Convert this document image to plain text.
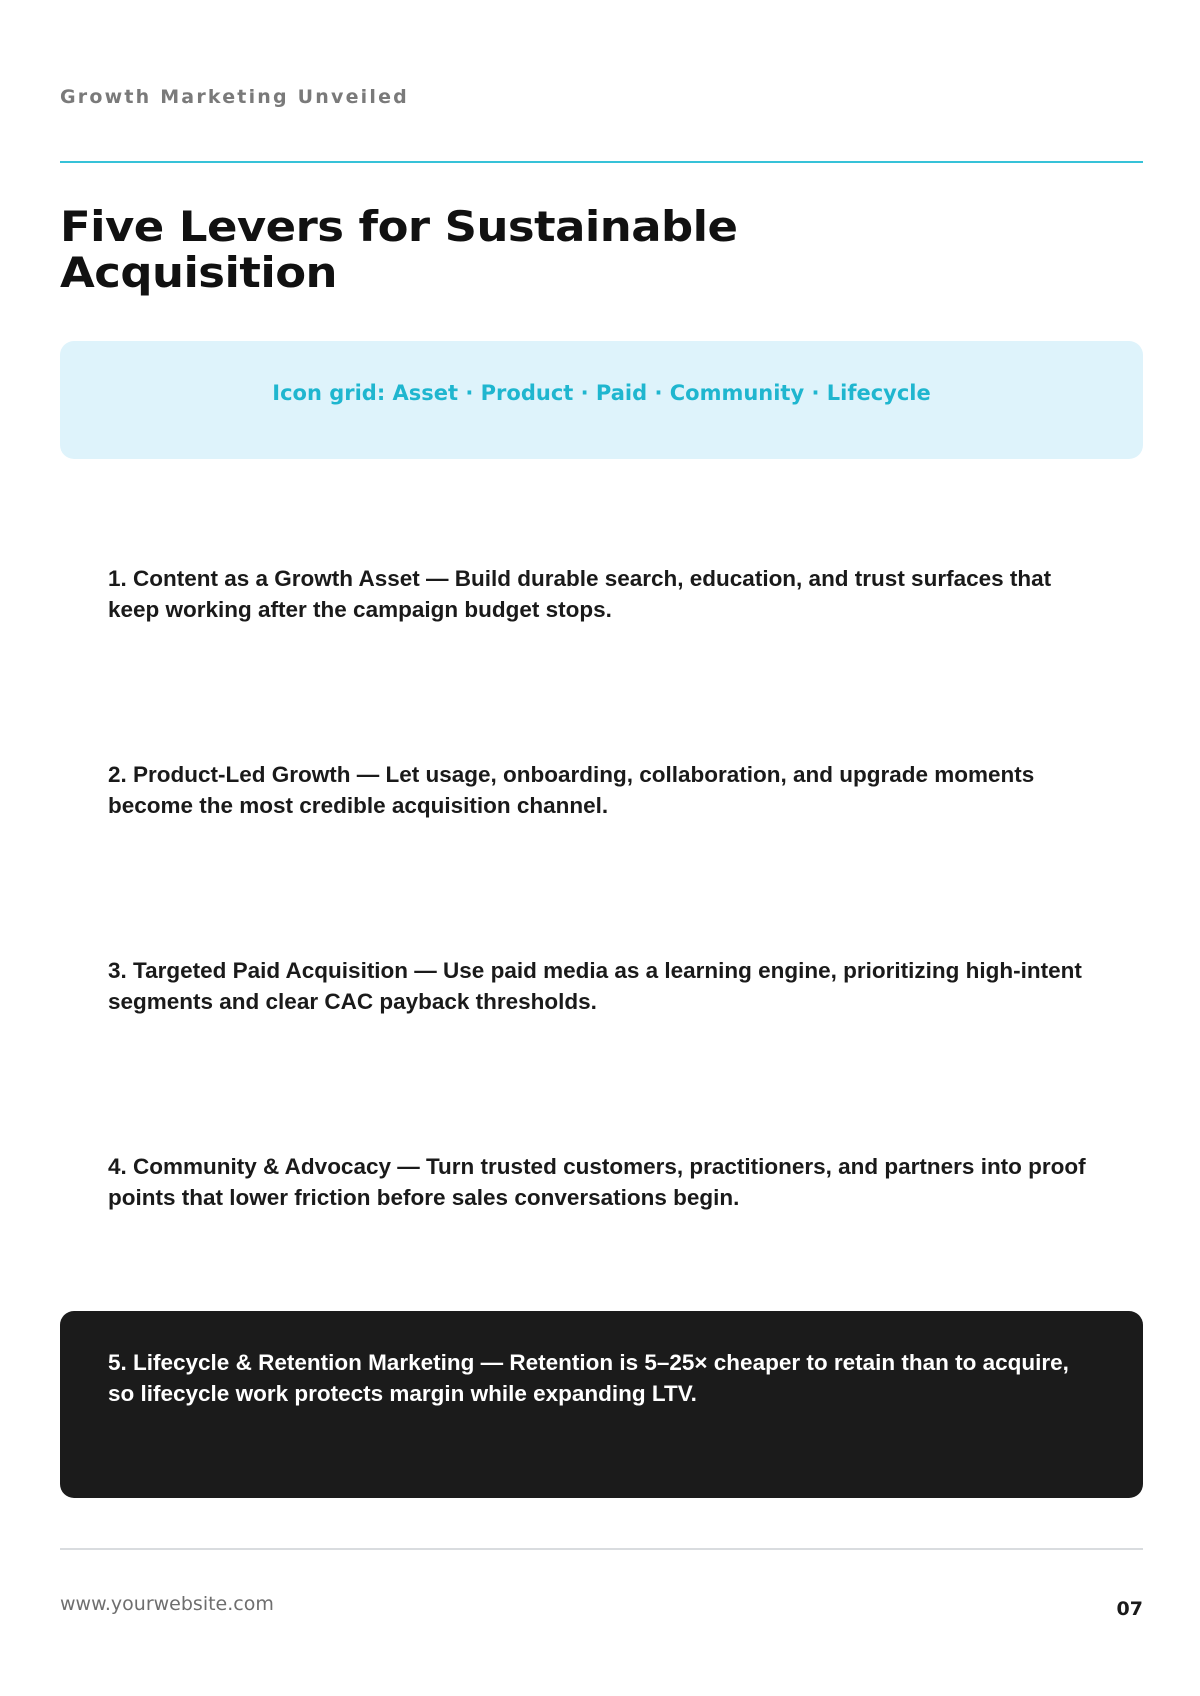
Growth Marketing Unveiled
Five Levers for Sustainable
Acquisition
Icon grid: Asset · Product · Paid · Community · Lifecycle

1. Content as a Growth Asset — Build durable search, education, and trust surfaces that keep working after the campaign budget stops.

2. Product-Led Growth — Let usage, onboarding, collaboration, and upgrade moments become the most credible acquisition channel.

3. Targeted Paid Acquisition — Use paid media as a learning engine, prioritizing high-intent segments and clear CAC payback thresholds.

4. Community & Advocacy — Turn trusted customers, practitioners, and partners into proof points that lower friction before sales conversations begin.

5. Lifecycle & Retention Marketing — Retention is 5–25× cheaper to retain than to acquire, so lifecycle work protects margin while expanding LTV.

www.yourwebsite.com	07
